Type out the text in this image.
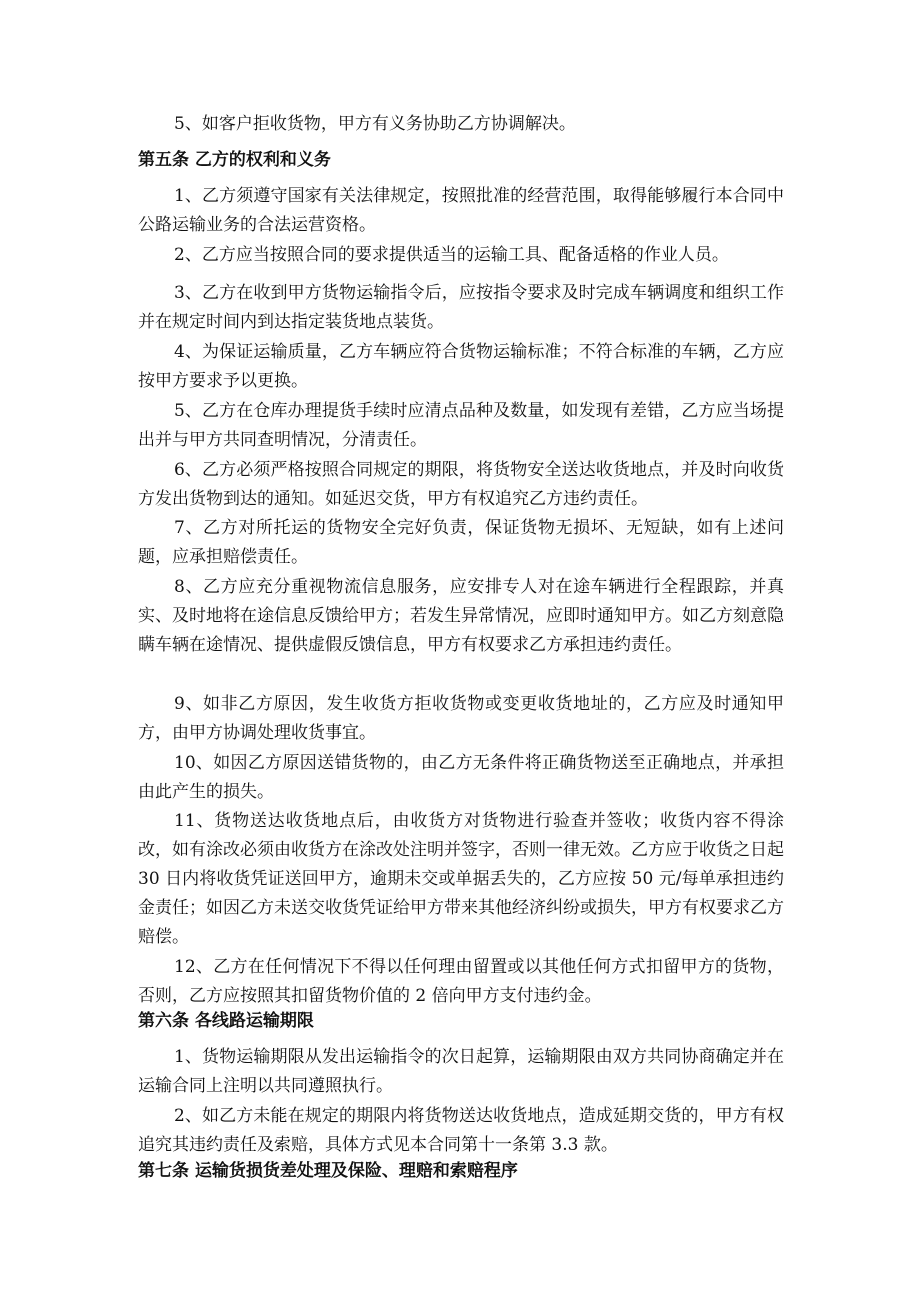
5、如客户拒收货物，甲方有义务协助乙方协调解决。

第五条 乙方的权利和义务

1、乙方须遵守国家有关法律规定，按照批准的经营范围，取得能够履行本合同中公路运输业务的合法运营资格。

2、乙方应当按照合同的要求提供适当的运输工具、配备适格的作业人员。

3、乙方在收到甲方货物运输指令后，应按指令要求及时完成车辆调度和组织工作并在规定时间内到达指定装货地点装货。

4、为保证运输质量，乙方车辆应符合货物运输标准；不符合标准的车辆，乙方应按甲方要求予以更换。

5、乙方在仓库办理提货手续时应清点品种及数量，如发现有差错，乙方应当场提出并与甲方共同查明情况，分清责任。

6、乙方必须严格按照合同规定的期限，将货物安全送达收货地点，并及时向收货方发出货物到达的通知。如延迟交货，甲方有权追究乙方违约责任。

7、乙方对所托运的货物安全完好负责，保证货物无损坏、无短缺，如有上述问题，应承担赔偿责任。

8、乙方应充分重视物流信息服务，应安排专人对在途车辆进行全程跟踪，并真实、及时地将在途信息反馈给甲方；若发生异常情况，应即时通知甲方。如乙方刻意隐瞒车辆在途情况、提供虚假反馈信息，甲方有权要求乙方承担违约责任。

9、如非乙方原因，发生收货方拒收货物或变更收货地址的，乙方应及时通知甲方，由甲方协调处理收货事宜。

10、如因乙方原因送错货物的，由乙方无条件将正确货物送至正确地点，并承担由此产生的损失。

11、货物送达收货地点后，由收货方对货物进行验查并签收；收货内容不得涂改，如有涂改必须由收货方在涂改处注明并签字，否则一律无效。乙方应于收货之日起 30 日内将收货凭证送回甲方，逾期未交或单据丢失的，乙方应按 50 元/每单承担违约金责任；如因乙方未送交收货凭证给甲方带来其他经济纠纷或损失，甲方有权要求乙方赔偿。

12、乙方在任何情况下不得以任何理由留置或以其他任何方式扣留甲方的货物，否则，乙方应按照其扣留货物价值的 2 倍向甲方支付违约金。

第六条 各线路运输期限

1、货物运输期限从发出运输指令的次日起算，运输期限由双方共同协商确定并在运输合同上注明以共同遵照执行。

2、如乙方未能在规定的期限内将货物送达收货地点，造成延期交货的，甲方有权追究其违约责任及索赔，具体方式见本合同第十一条第 3.3 款。

第七条 运输货损货差处理及保险、理赔和索赔程序
